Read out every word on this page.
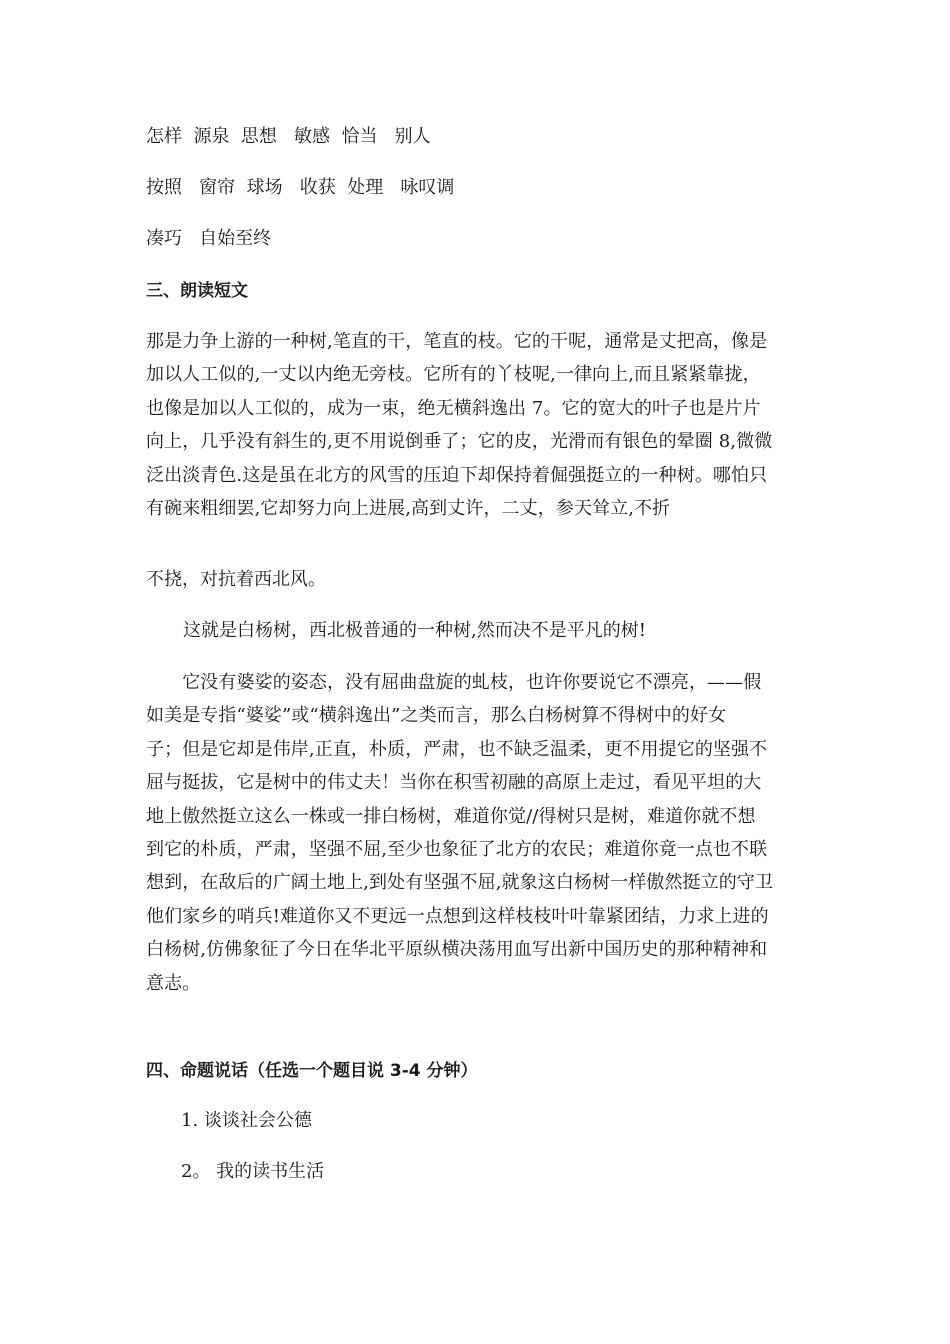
怎样  源泉  思想   敏感  恰当   别人
按照   窗帘  球场   收获  处理   咏叹调
凑巧   自始至终
三、朗读短文
那是力争上游的一种树,笔直的干，笔直的枝。它的干呢，通常是丈把高，像是
加以人工似的,一丈以内绝无旁枝。它所有的丫枝呢,一律向上,而且紧紧靠拢，
也像是加以人工似的，成为一束，绝无横斜逸出 7。它的宽大的叶子也是片片
向上，几乎没有斜生的,更不用说倒垂了；它的皮，光滑而有银色的晕圈 8,微微
泛出淡青色.这是虽在北方的风雪的压迫下却保持着倔强挺立的一种树。哪怕只
有碗来粗细罢,它却努力向上进展,高到丈许，二丈，参天耸立,不折
不挠，对抗着西北风。
这就是白杨树，西北极普通的一种树,然而决不是平凡的树!
　　它没有婆娑的姿态，没有屈曲盘旋的虬枝，也许你要说它不漂亮，——假
如美是专指“婆娑”或“横斜逸出”之类而言，那么白杨树算不得树中的好女
子；但是它却是伟岸,正直，朴质，严肃，也不缺乏温柔，更不用提它的坚强不
屈与挺拔，它是树中的伟丈夫！当你在积雪初融的高原上走过，看见平坦的大
地上傲然挺立这么一株或一排白杨树，难道你觉//得树只是树，难道你就不想
到它的朴质，严肃，坚强不屈,至少也象征了北方的农民；难道你竟一点也不联
想到，在敌后的广阔土地上,到处有坚强不屈,就象这白杨树一样傲然挺立的守卫
他们家乡的哨兵!难道你又不更远一点想到这样枝枝叶叶靠紧团结，力求上进的
白杨树,仿佛象征了今日在华北平原纵横决荡用血写出新中国历史的那种精神和
意志。
四、命题说话（任选一个题目说 3-4 分钟）
1. 谈谈社会公德
2。 我的读书生活
